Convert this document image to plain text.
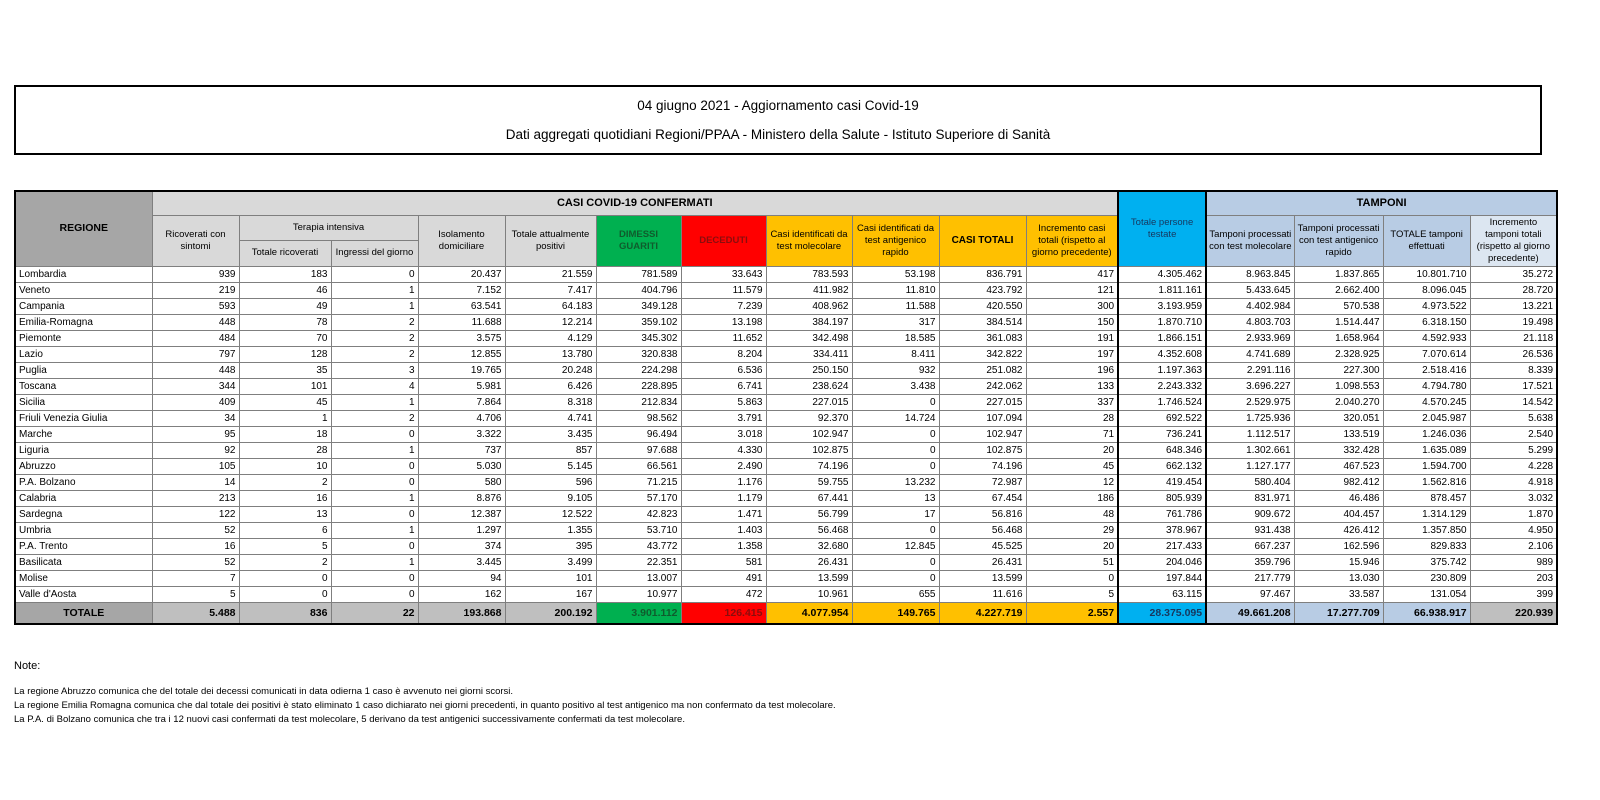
04 giugno 2021 - Aggiornamento casi Covid-19

Dati aggregati quotidiani Regioni/PPAA - Ministero della Salute - Istituto Superiore di Sanità

REGIONE	CASI COVID-19 CONFERMATI											Totale persone testate	TAMPONI			
	Ricoverati con sintomi	Terapia intensiva		Isolamento domiciliare	Totale attualmente positivi	DIMESSI GUARITI	DECEDUTI	Casi identificati da test molecolare	Casi identificati da test antigenico rapido	CASI TOTALI	Incremento casi totali (rispetto al giorno precedente)		Tamponi processati con test molecolare	Tamponi processati con test antigenico rapido	TOTALE tamponi effettuati	Incremento tamponi totali (rispetto al giorno precedente)
		Totale ricoverati	Ingressi del giorno													
Lombardia	939	183	0	20.437	21.559	781.589	33.643	783.593	53.198	836.791	417	4.305.462	8.963.845	1.837.865	10.801.710	35.272
Veneto	219	46	1	7.152	7.417	404.796	11.579	411.982	11.810	423.792	121	1.811.161	5.433.645	2.662.400	8.096.045	28.720
Campania	593	49	1	63.541	64.183	349.128	7.239	408.962	11.588	420.550	300	3.193.959	4.402.984	570.538	4.973.522	13.221
Emilia-Romagna	448	78	2	11.688	12.214	359.102	13.198	384.197	317	384.514	150	1.870.710	4.803.703	1.514.447	6.318.150	19.498
Piemonte	484	70	2	3.575	4.129	345.302	11.652	342.498	18.585	361.083	191	1.866.151	2.933.969	1.658.964	4.592.933	21.118
Lazio	797	128	2	12.855	13.780	320.838	8.204	334.411	8.411	342.822	197	4.352.608	4.741.689	2.328.925	7.070.614	26.536
Puglia	448	35	3	19.765	20.248	224.298	6.536	250.150	932	251.082	196	1.197.363	2.291.116	227.300	2.518.416	8.339
Toscana	344	101	4	5.981	6.426	228.895	6.741	238.624	3.438	242.062	133	2.243.332	3.696.227	1.098.553	4.794.780	17.521
Sicilia	409	45	1	7.864	8.318	212.834	5.863	227.015	0	227.015	337	1.746.524	2.529.975	2.040.270	4.570.245	14.542
Friuli Venezia Giulia	34	1	2	4.706	4.741	98.562	3.791	92.370	14.724	107.094	28	692.522	1.725.936	320.051	2.045.987	5.638
Marche	95	18	0	3.322	3.435	96.494	3.018	102.947	0	102.947	71	736.241	1.112.517	133.519	1.246.036	2.540
Liguria	92	28	1	737	857	97.688	4.330	102.875	0	102.875	20	648.346	1.302.661	332.428	1.635.089	5.299
Abruzzo	105	10	0	5.030	5.145	66.561	2.490	74.196	0	74.196	45	662.132	1.127.177	467.523	1.594.700	4.228
P.A. Bolzano	14	2	0	580	596	71.215	1.176	59.755	13.232	72.987	12	419.454	580.404	982.412	1.562.816	4.918
Calabria	213	16	1	8.876	9.105	57.170	1.179	67.441	13	67.454	186	805.939	831.971	46.486	878.457	3.032
Sardegna	122	13	0	12.387	12.522	42.823	1.471	56.799	17	56.816	48	761.786	909.672	404.457	1.314.129	1.870
Umbria	52	6	1	1.297	1.355	53.710	1.403	56.468	0	56.468	29	378.967	931.438	426.412	1.357.850	4.950
P.A. Trento	16	5	0	374	395	43.772	1.358	32.680	12.845	45.525	20	217.433	667.237	162.596	829.833	2.106
Basilicata	52	2	1	3.445	3.499	22.351	581	26.431	0	26.431	51	204.046	359.796	15.946	375.742	989
Molise	7	0	0	94	101	13.007	491	13.599	0	13.599	0	197.844	217.779	13.030	230.809	203
Valle d'Aosta	5	0	0	162	167	10.977	472	10.961	655	11.616	5	63.115	97.467	33.587	131.054	399
TOTALE	5.488	836	22	193.868	200.192	3.901.112	126.415	4.077.954	149.765	4.227.719	2.557	28.375.095	49.661.208	17.277.709	66.938.917	220.939

Note:

La regione Abruzzo comunica che del totale dei decessi comunicati in data odierna 1 caso è avvenuto nei giorni scorsi.

La regione Emilia Romagna comunica che dal totale dei positivi è stato eliminato 1 caso dichiarato nei giorni precedenti, in quanto positivo al test antigenico ma non confermato da test molecolare.

La P.A. di Bolzano comunica che tra i 12 nuovi casi confermati da test molecolare, 5 derivano da test antigenici successivamente confermati da test molecolare.
